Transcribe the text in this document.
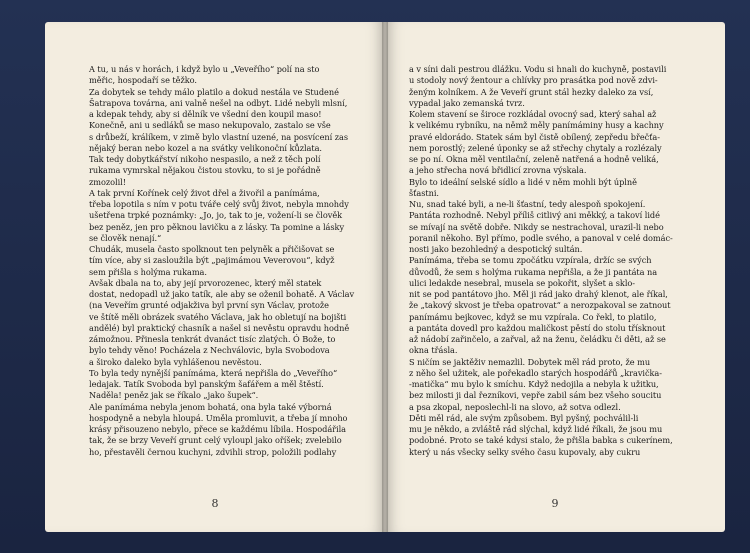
A tu, u nás v horách, i když bylo u „Veveřího“ polí na sto
měřic, hospodaří se těžko.
Za dobytek se tehdy málo platilo a dokud nestála ve Studené
Šatrapova továrna, ani valně nešel na odbyt. Lidé nebyli mlsní,
a kdepak tehdy, aby si dělník ve všední den koupil maso!
Konečně, ani u sedláků se maso nekupovalo, zastalo se vše
s drůbeží, králíkem, v zimě bylo vlastní uzené, na posvícení zas
nějaký beran nebo kozel a na svátky velikonoční kůzlata.
Tak tedy dobytkářství nikoho nespasilo, a než z těch polí
rukama vymrskal nějakou čistou stovku, to si je pořádně
zmozolil!
A tak první Kořínek celý život dřel a živořil a panímáma,
třeba lopotila s ním v potu tváře celý svůj život, nebyla mnohdy
ušetřena trpké poznámky: „Jo, jo, tak to je, vožení-li se člověk
bez peněz, jen pro pěknou lavičku a z lásky. Ta pomine a lásky
se člověk nenají.“
Chudák, musela často spolknout ten pelyněk a přičišovat se
tím více, aby si zasloužila být „pajimámou Veverovou“, když
sem přišla s holýma rukama.
Avšak dbala na to, aby její prvorozenec, který měl statek
dostat, nedopadl už jako tatík, ale aby se oženil bohatě. A Václav
(na Veveřím grunté odjakživa byl první syn Václav, protože
ve štítě měli obrázek svatého Václava, jak ho obletují na bojišti
andělé) byl praktický chasník a našel si nevěstu opravdu hodně
zámožnou. Přinesla tenkrát dvanáct tisíc zlatých. Ó Bože, to
bylo tehdy věno! Pocházela z Nechválovic, byla Svobodova
a široko daleko byla vyhlášenou nevěstou.
To byla tedy nynější panímáma, která nepřišla do „Veveřího“
ledajak. Tatík Svoboda byl panským šafářem a měl štěstí.
Naděla! peněz jak se říkalo „jako šupek“.
Ale panímáma nebyla jenom bohatá, ona byla také výborná
hospodyně a nebyla hloupá. Uměla promluvit, a třeba jí mnoho
krásy přisouzeno nebylo, přece se každému líbila. Hospodářila
tak, že se brzy Veveří grunt celý vyloupl jako oříšek; zvelebilo
ho, přestavěli černou kuchyni, zdvihli strop, položili podlahy
8
a v síni dali pestrou dlážku. Vodu si hnali do kuchyně, postavili
u stodoly nový žentour a chlívky pro prasátka pod nově zdvi-
ženým kolníkem. A že Veveří grunt stál hezky daleko za vsí,
vypadal jako zemanská tvrz.
Kolem stavení se široce rozkládal ovocný sad, který sahal až
k velikému rybníku, na němž měly panímáminy husy a kachny
pravé eldorádo. Statek sám byl čistě obílený, zepředu břečťa-
nem porostlý; zelené úponky se až střechy chytaly a rozlézaly
se po ní. Okna měl ventilační, zeleně natřená a hodně veliká,
a jeho střecha nová břidlicí zrovna výskala.
Bylo to ideální selské sídlo a lidé v něm mohli být úplně
šťastni.
Nu, snad také byli, a ne-li šťastní, tedy alespoň spokojení.
Pantáta rozhodně. Nebyl příliš citlivý ani měkký, a takoví lidé
se mívají na světě dobře. Nikdy se nestrachoval, urazil-li nebo
poranil někoho. Byl přímo, podle svého, a panoval v celé domác-
nosti jako bezohledný a despotický sultán.
Panímáma, třeba se tomu zpočátku vzpírala, držíc se svých
důvodů, že sem s holýma rukama nepřišla, a že ji pantáta na
ulici ledakde nesebral, musela se pokořit, slyšet a sklo-
nit se pod pantátovo jho. Měl ji rád jako drahý klenot, ale říkal,
že „takový skvost je třeba opatrovat“ a nerozpakoval se zatnout
panímámu bejkovec, když se mu vzpírala. Co řekl, to platilo,
a pantáta dovedl pro každou maličkost pěstí do stolu třísknout
až nádobí zařinčelo, a zařval, až na ženu, čeládku či děti, až se
okna třásla.
S ničím se jaktěživ nemazlil. Dobytek měl rád proto, že mu
z něho šel užitek, ale pořekadlo starých hospodářů „kravička-
-matička“ mu bylo k smíchu. Když nedojila a nebyla k užitku,
bez milosti ji dal řezníkovi, vepře zabil sám bez všeho soucitu
a psa zkopal, neposlechl-li na slovo, až sotva odlezl.
Děti měl rád, ale svým způsobem. Byl pyšný, pochválil-li
mu je někdo, a zvláště rád slýchal, když lidé říkali, že jsou mu
podobné. Proto se také kdysi stalo, že přišla babka s cukerínem,
který u nás všecky selky svého času kupovaly, aby cukru
9
